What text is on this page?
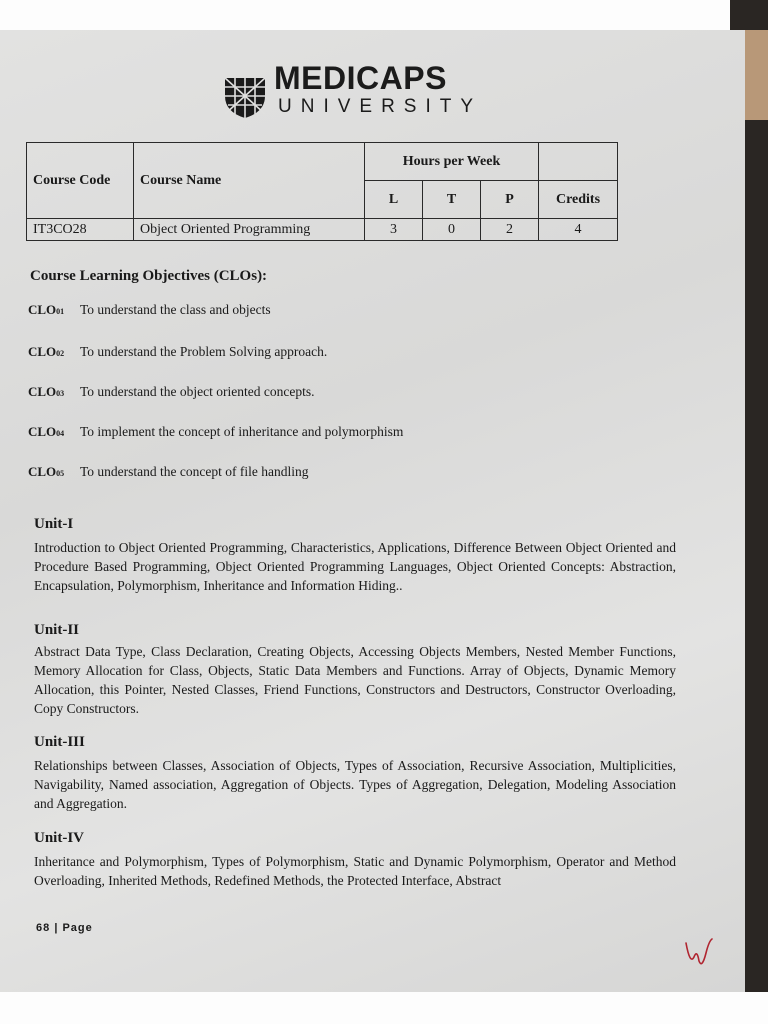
MEDICAPS
UNIVERSITY
Course Code	Course Name	Hours per Week			
		L	T	P	Credits
IT3CO28	Object Oriented Programming	3	0	2	4
Course Learning Objectives (CLOs):
CLO01 To understand the class and objects
CLO02 To understand the Problem Solving approach.
CLO03 To understand the object oriented concepts.
CLO04 To implement the concept of inheritance and polymorphism
CLO05 To understand the concept of file handling
Unit-I
Introduction to Object Oriented Programming, Characteristics, Applications, Difference Between Object Oriented and Procedure Based Programming, Object Oriented Programming Languages, Object Oriented Concepts: Abstraction, Encapsulation, Polymorphism, Inheritance and Information Hiding..
Unit-II
Abstract Data Type, Class Declaration, Creating Objects, Accessing Objects Members, Nested Member Functions, Memory Allocation for Class, Objects, Static Data Members and Functions. Array of Objects, Dynamic Memory Allocation, this Pointer, Nested Classes, Friend Functions, Constructors and Destructors, Constructor Overloading, Copy Constructors.
Unit-III
Relationships between Classes, Association of Objects, Types of Association, Recursive Association, Multiplicities, Navigability, Named association, Aggregation of Objects. Types of Aggregation, Delegation, Modeling Association and Aggregation.
Unit-IV
Inheritance and Polymorphism, Types of Polymorphism, Static and Dynamic Polymorphism, Operator and Method Overloading, Inherited Methods, Redefined Methods, the Protected Interface, Abstract
68 | Page
